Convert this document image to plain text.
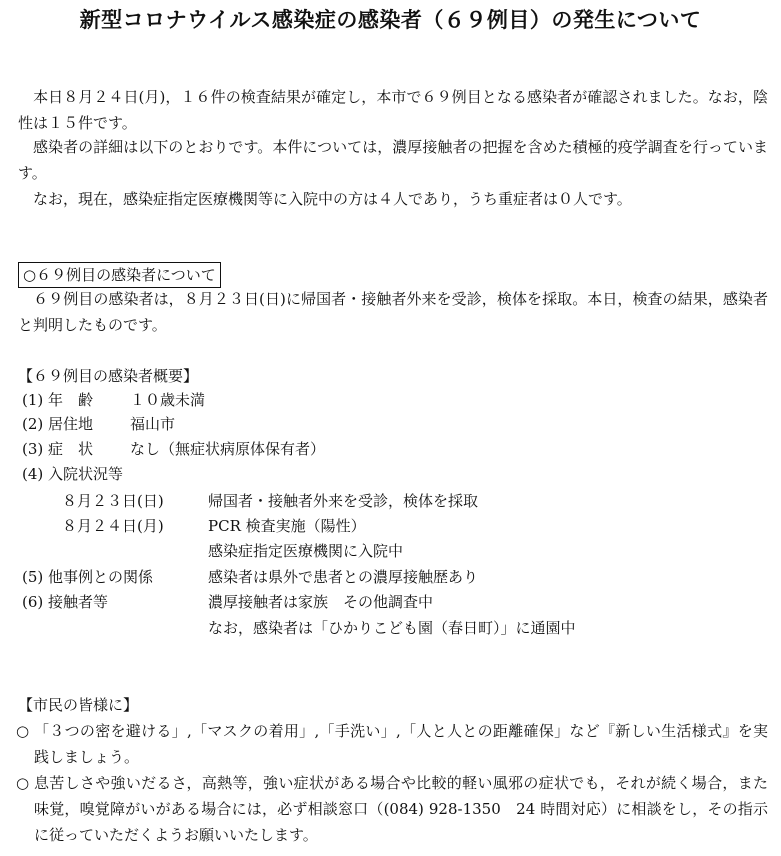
新型コロナウイルス感染症の感染者（６９例目）の発生について

　本日８月２４日(月)，１６件の検査結果が確定し，本市で６９例目となる感染者が確認されました。なお，陰性は１５件です。

　感染者の詳細は以下のとおりです。本件については，濃厚接触者の把握を含めた積極的疫学調査を行っています。

　なお，現在，感染症指定医療機関等に入院中の方は４人であり，うち重症者は０人です。

○６９例目の感染者について

　６９例目の感染者は，８月２３日(日)に帰国者・接触者外来を受診，検体を採取。本日，検査の結果，感染者と判明したものです。

【６９例目の感染者概要】
(1) 年　齢 １０歳未満
(2) 居住地 福山市
(3) 症　状 なし（無症状病原体保有者）
(4) 入院状況等
８月２３日(日)	帰国者・接触者外来を受診，検体を採取
８月２４日(月)	PCR 検査実施（陽性）
感染症指定医療機関に入院中
(5) 他事例との関係	感染者は県外で患者との濃厚接触歴あり
(6) 接触者等	濃厚接触者は家族　その他調査中
なお，感染者は「ひかりこども園（春日町）」に通園中
【市民の皆様に】
○ 「３つの密を避ける」,「マスクの着用」,「手洗い」,「人と人との距離確保」など『新しい生活様式』を実践しましょう。
○ 息苦しさや強いだるさ，高熱等，強い症状がある場合や比較的軽い風邪の症状でも，それが続く場合，また味覚，嗅覚障がいがある場合には，必ず相談窓口（(084) 928-1350　24 時間対応）に相談をし，その指示に従っていただくようお願いいたします。
